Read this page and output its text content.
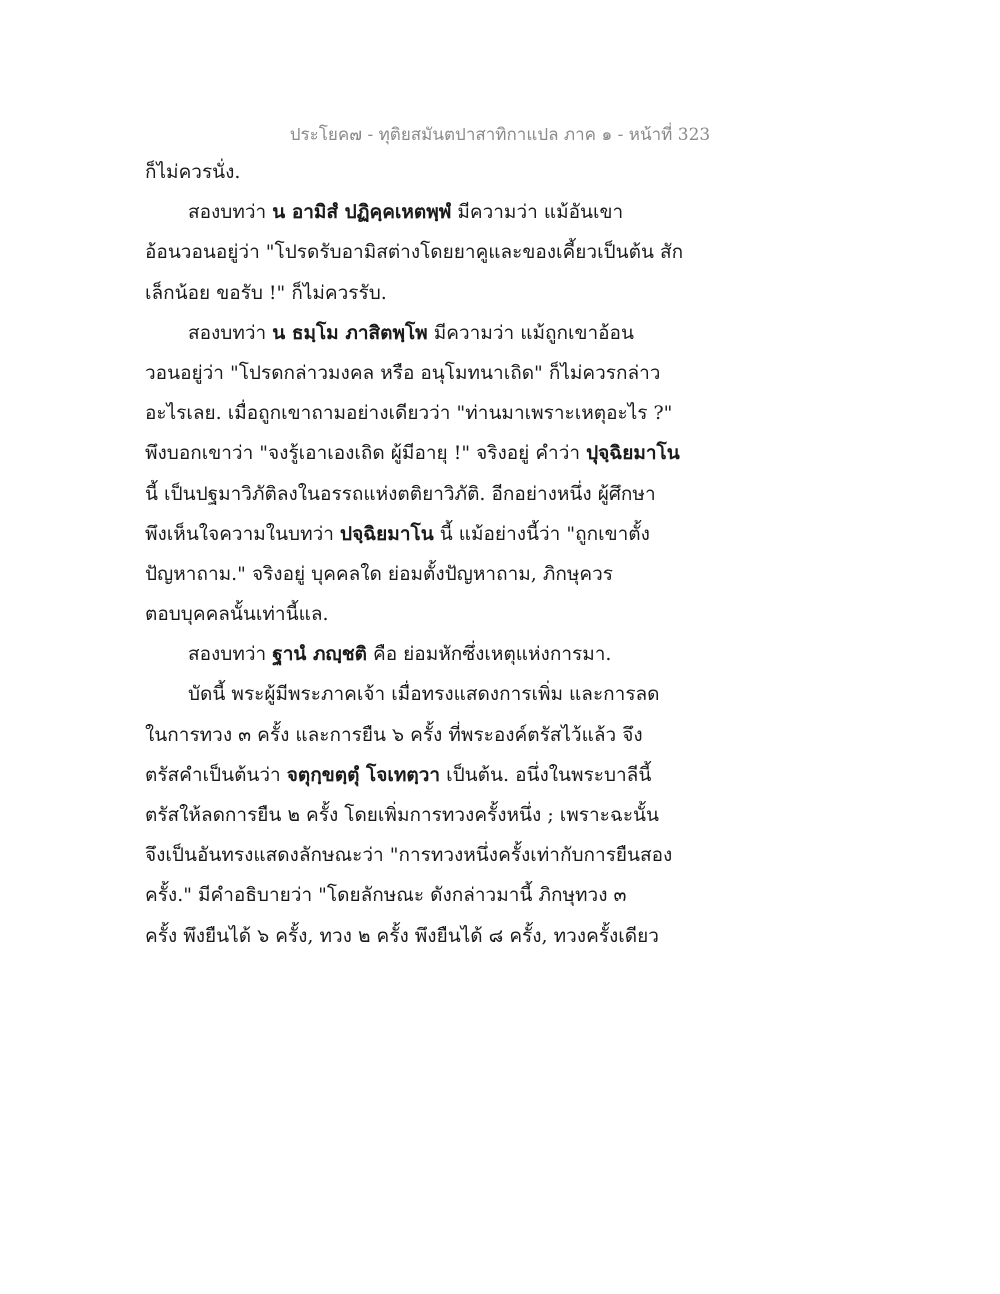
ประโยค๗ - ทุติยสมันตปาสาทิกาแปล ภาค ๑ - หน้าที่ 323
ก็ไม่ควรนั่ง.
สองบทว่า น อามิสํ ปฏิคฺคเหตพฺพํ มีความว่า แม้อันเขา
อ้อนวอนอยู่ว่า "โปรดรับอามิสต่างโดยยาคูและของเคี้ยวเป็นต้น สัก
เล็กน้อย ขอรับ !" ก็ไม่ควรรับ.
สองบทว่า น ธมฺโม ภาสิตพฺโพ มีความว่า แม้ถูกเขาอ้อน
วอนอยู่ว่า "โปรดกล่าวมงคล หรือ อนุโมทนาเถิด" ก็ไม่ควรกล่าว
อะไรเลย. เมื่อถูกเขาถามอย่างเดียวว่า "ท่านมาเพราะเหตุอะไร ?"
พึงบอกเขาว่า "จงรู้เอาเองเถิด ผู้มีอายุ !" จริงอยู่ คำว่า ปุจฺฉิยมาโน
นี้ เป็นปฐมาวิภัติลงในอรรถแห่งตติยาวิภัติ. อีกอย่างหนึ่ง ผู้ศึกษา
พึงเห็นใจความในบทว่า ปจฺฉิยมาโน นี้ แม้อย่างนี้ว่า "ถูกเขาตั้ง
ปัญหาถาม." จริงอยู่ บุคคลใด ย่อมตั้งปัญหาถาม, ภิกษุควร
ตอบบุคคลนั้นเท่านี้แล.
สองบทว่า ฐานํ ภญฺชติ คือ ย่อมหักซึ่งเหตุแห่งการมา.
บัดนี้ พระผู้มีพระภาคเจ้า เมื่อทรงแสดงการเพิ่ม และการลด
ในการทวง ๓ ครั้ง และการยืน ๖ ครั้ง ที่พระองค์ตรัสไว้แล้ว จึง
ตรัสคำเป็นต้นว่า จตุกฺขตฺตุํ โจเทตฺวา เป็นต้น. อนึ่งในพระบาลีนี้
ตรัสให้ลดการยืน ๒ ครั้ง โดยเพิ่มการทวงครั้งหนึ่ง ; เพราะฉะนั้น
จึงเป็นอันทรงแสดงลักษณะว่า "การทวงหนึ่งครั้งเท่ากับการยืนสอง
ครั้ง." มีคำอธิบายว่า "โดยลักษณะ ดังกล่าวมานี้ ภิกษุทวง ๓
ครั้ง พึงยืนได้ ๖ ครั้ง, ทวง ๒ ครั้ง พึงยืนได้ ๘ ครั้ง, ทวงครั้งเดียว
